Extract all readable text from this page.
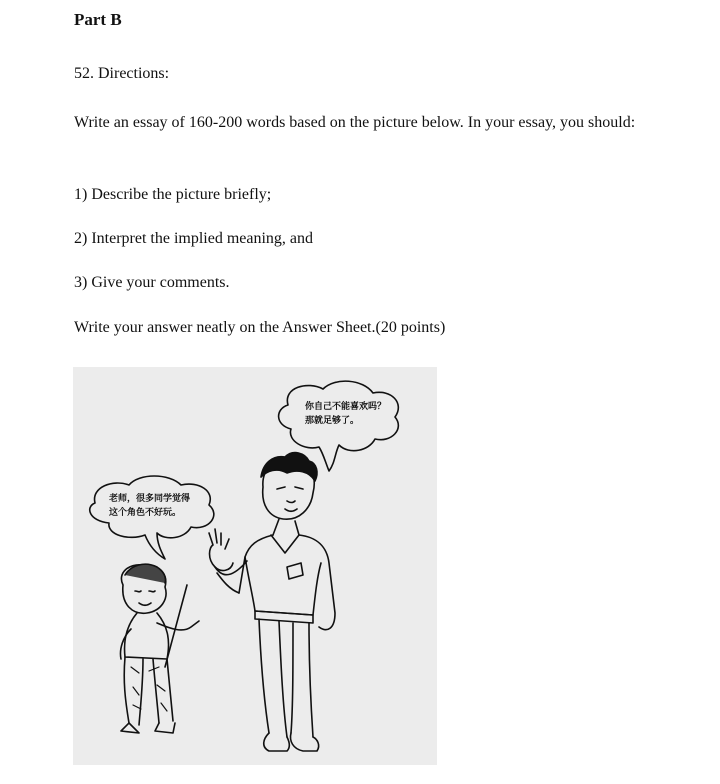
Part B
52. Directions:
Write an essay of 160-200 words based on the picture below. In your essay, you should:
1) Describe the picture briefly;
2) Interpret the implied meaning, and
3) Give your comments.
Write your answer neatly on the Answer Sheet.(20 points)
你自己不能喜欢吗？
那就足够了。
老师，很多同学觉得
这个角色不好玩。
